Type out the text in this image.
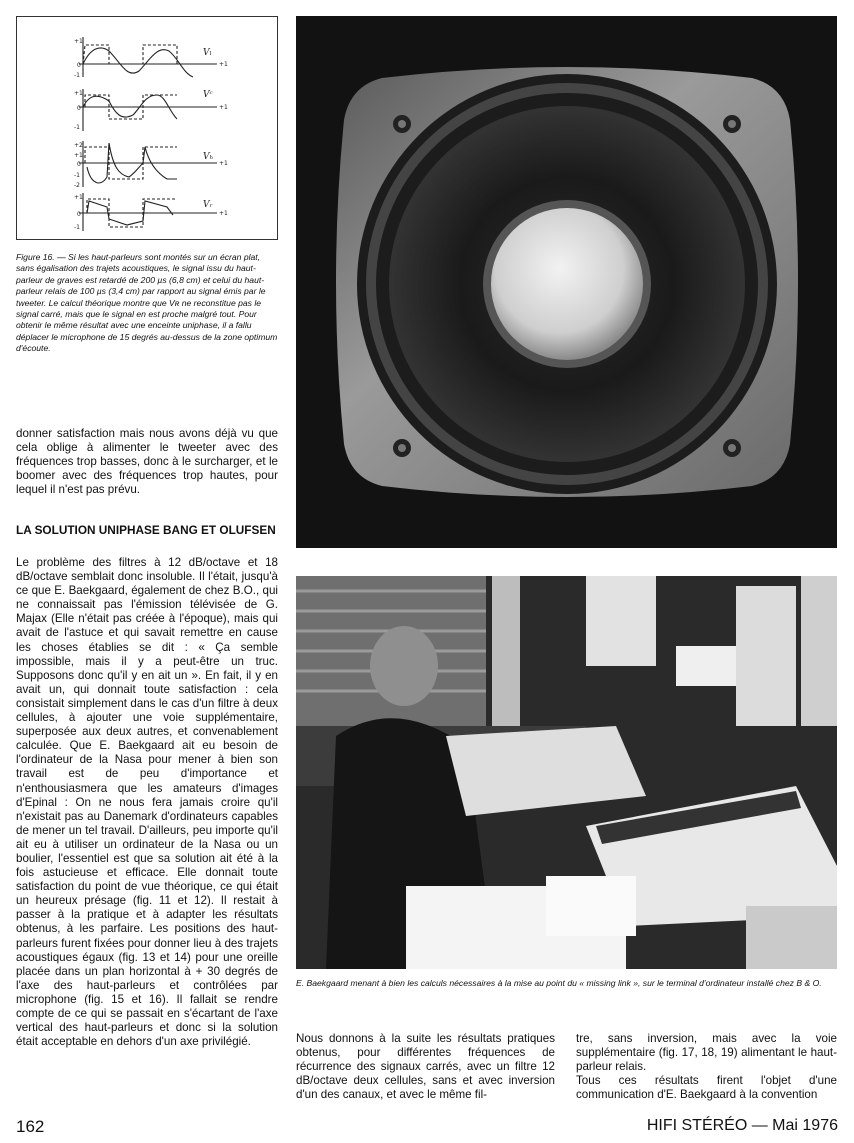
+1
0
-1
+1
0
-1
+2
+1
0
-1
-2
+1
0
-1
+1
+1
+1
+1
Vₗ
Vᶜ
Vₕ
Vᵣ
Figure 16. — Si les haut-parleurs sont montés sur un écran plat, sans égalisation des trajets acoustiques, le signal issu du haut-parleur de graves est retardé de 200 µs (6,8 cm) et celui du haut-parleur relais de 100 µs (3,4 cm) par rapport au signal émis par le tweeter. Le calcul théorique montre que Vʀ ne reconstitue pas le signal carré, mais que le signal en est proche malgré tout. Pour obtenir le même résultat avec une enceinte uniphase, il a fallu déplacer le microphone de 15 degrés au-dessus de la zone optimum d'écoute.

donner satisfaction mais nous avons déjà vu que cela oblige à alimenter le tweeter avec des fréquences trop basses, donc à le surcharger, et le boomer avec des fréquences trop hautes, pour lequel il n'est pas prévu.

LA SOLUTION UNIPHASE BANG ET OLUFSEN

Le problème des filtres à 12 dB/octave et 18 dB/octave semblait donc insoluble. Il l'était, jusqu'à ce que E. Baekgaard, également de chez B.O., qui ne connaissait pas l'émission télévisée de G. Majax (Elle n'était pas créée à l'époque), mais qui avait de l'astuce et qui savait remettre en cause les choses établies se dit : « Ça semble impossible, mais il y a peut-être un truc. Supposons donc qu'il y en ait un ». En fait, il y en avait un, qui donnait toute satisfaction : cela consistait simplement dans le cas d'un filtre à deux cellules, à ajouter une voie supplémentaire, superposée aux deux autres, et convenablement calculée. Que E. Baekgaard ait eu besoin de l'ordinateur de la Nasa pour mener à bien son travail est de peu d'importance et n'enthousiasmera que les amateurs d'images d'Epinal : On ne nous fera jamais croire qu'il n'existait pas au Danemark d'ordinateurs capables de mener un tel travail. D'ailleurs, peu importe qu'il ait eu à utiliser un ordinateur de la Nasa ou un boulier, l'essentiel est que sa solution ait été à la fois astucieuse et efficace. Elle donnait toute satisfaction du point de vue théorique, ce qui était un heureux présage (fig. 11 et 12). Il restait à passer à la pratique et à adapter les résultats obtenus, à les parfaire. Les positions des haut-parleurs furent fixées pour donner lieu à des trajets acoustiques égaux (fig. 13 et 14) pour une oreille placée dans un plan horizontal à + 30 degrés de l'axe des haut-parleurs et contrôlées par microphone (fig. 15 et 16). Il fallait se rendre compte de ce qui se passait en s'écartant de l'axe vertical des haut-parleurs et donc si la solution était acceptable en dehors d'un axe privilégié.

E. Baekgaard menant à bien les calculs nécessaires à la mise au point du « missing link », sur le terminal d'ordinateur installé chez B & O.
Nous donnons à la suite les résultats pratiques obtenus, pour différentes fréquences de récurrence des signaux carrés, avec un filtre 12 dB/octave deux cellules, sans et avec inversion d'un des canaux, et avec le même fil-

tre, sans inversion, mais avec la voie supplémentaire (fig. 17, 18, 19) alimentant le haut-parleur relais.

Tous ces résultats firent l'objet d'une communication d'E. Baekgaard à la convention

162	HIFI STÉRÉO — Mai 1976
